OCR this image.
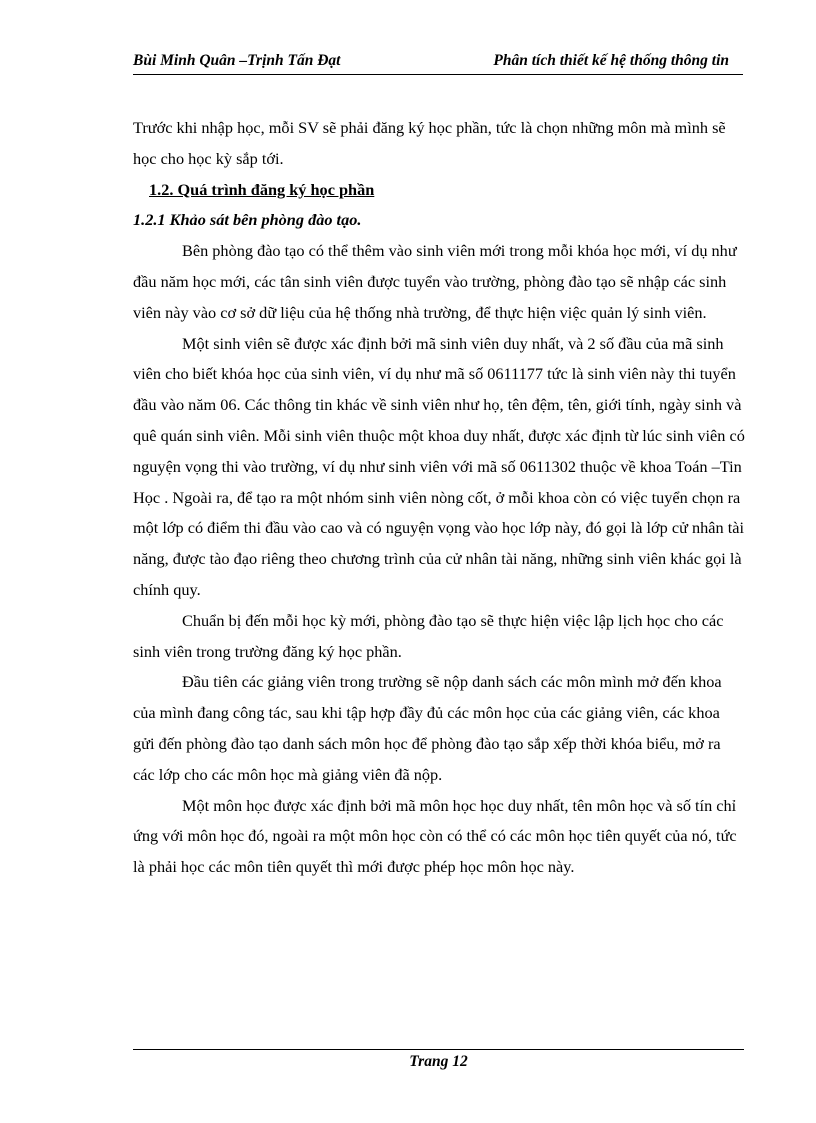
Bùi Minh Quân –Trịnh Tấn Đạt	Phân tích thiết kế hệ thống thông tin

Trước khi nhập học, mỗi SV sẽ phải đăng ký học phần, tức là chọn những môn mà mình sẽ học cho học kỳ sắp tới.

1.2. Quá trình đăng ký học phần

1.2.1 Khảo sát bên phòng đào tạo.

Bên phòng đào tạo có thể thêm vào sinh viên mới trong mỗi khóa học mới, ví dụ như đầu năm học mới, các tân sinh viên được tuyển vào trường, phòng đào tạo sẽ nhập các sinh viên này vào cơ sở dữ liệu của hệ thống nhà trường, để thực hiện việc quản lý sinh viên.

Một sinh viên sẽ được xác định bởi mã sinh viên duy nhất, và 2 số đầu của mã sinh viên cho biết khóa học của sinh viên, ví dụ như mã số 0611177 tức là sinh viên này thi tuyển đầu vào năm 06. Các thông tin khác về sinh viên như họ, tên đệm, tên, giới tính, ngày sinh và quê quán sinh viên. Mỗi sinh viên thuộc một khoa duy nhất, được xác định từ lúc sinh viên có nguyện vọng thi vào trường, ví dụ như sinh viên với mã số 0611302 thuộc về khoa Toán –Tin Học . Ngoài ra, để tạo ra một nhóm sinh viên nòng cốt, ở mỗi khoa còn có việc tuyển chọn ra một lớp có điểm thi đầu vào cao và có nguyện vọng vào học lớp này, đó gọi là lớp cử nhân tài năng, được tào đạo riêng theo chương trình của cử nhân tài năng, những sinh viên khác gọi là chính quy.

Chuẩn bị đến mỗi học kỳ mới, phòng đào tạo sẽ thực hiện việc lập lịch học cho các sinh viên trong trường đăng ký học phần.

Đầu tiên các giảng viên trong trường sẽ nộp danh sách các môn mình mở đến khoa của mình đang công tác, sau khi tập hợp đầy đủ các môn học của các giảng viên, các khoa gửi đến phòng đào tạo danh sách môn học để phòng đào tạo sắp xếp thời khóa biểu, mở ra các lớp cho các môn học mà giảng viên đã nộp.

Một môn học được xác định bởi mã môn học học duy nhất, tên môn học và số tín chỉ ứng với môn học đó, ngoài ra một môn học còn có thể có các môn học tiên quyết của nó, tức là phải học các môn tiên quyết thì mới được phép học môn học này.

Trang 12
